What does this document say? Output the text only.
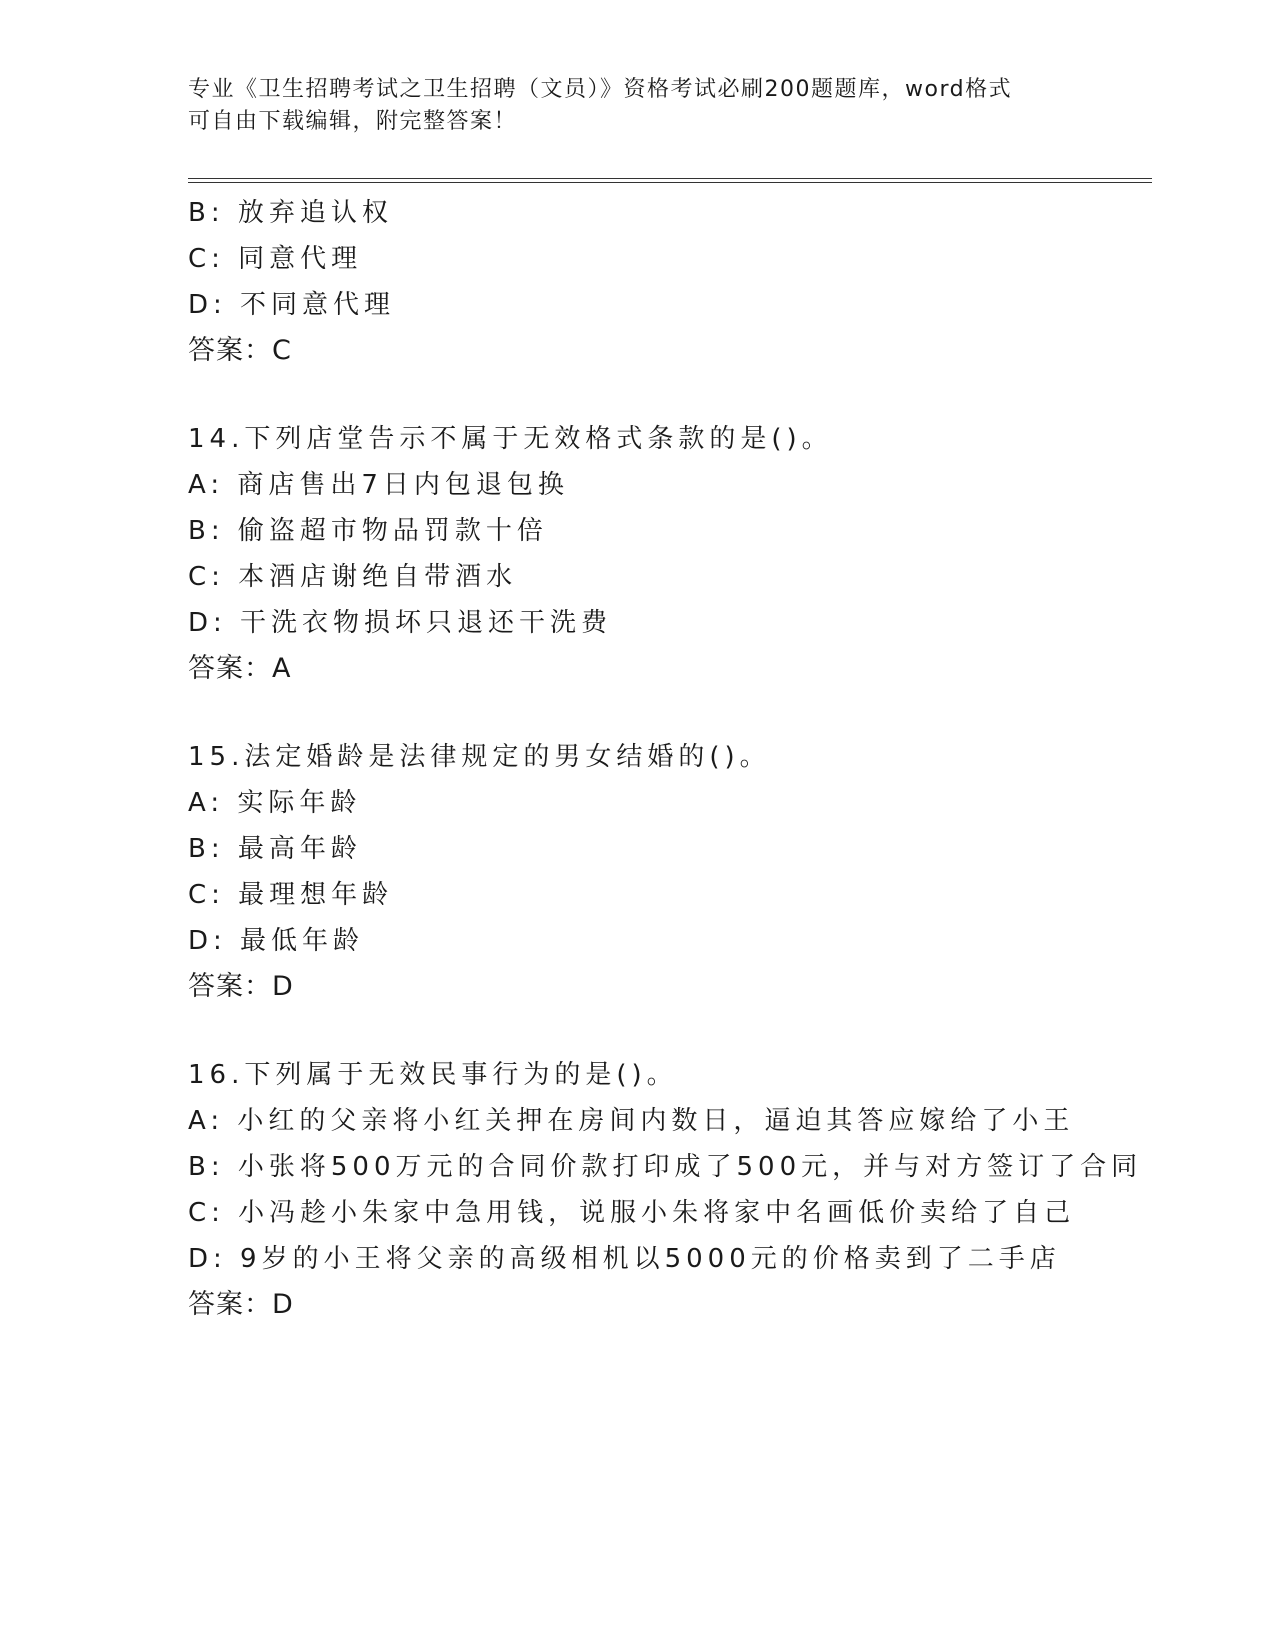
专业《卫生招聘考试之卫生招聘（文员）》资格考试必刷200题题库，word格式
可自由下载编辑，附完整答案！
B: 放弃追认权
C: 同意代理
D: 不同意代理
答案：C
14.下列店堂告示不属于无效格式条款的是()。
A: 商店售出7日内包退包换
B: 偷盗超市物品罚款十倍
C: 本酒店谢绝自带酒水
D: 干洗衣物损坏只退还干洗费
答案：A
15.法定婚龄是法律规定的男女结婚的()。
A: 实际年龄
B: 最高年龄
C: 最理想年龄
D: 最低年龄
答案：D
16.下列属于无效民事行为的是()。
A: 小红的父亲将小红关押在房间内数日，逼迫其答应嫁给了小王
B: 小张将500万元的合同价款打印成了500元，并与对方签订了合同
C: 小冯趁小朱家中急用钱，说服小朱将家中名画低价卖给了自己
D: 9岁的小王将父亲的高级相机以5000元的价格卖到了二手店
答案：D
